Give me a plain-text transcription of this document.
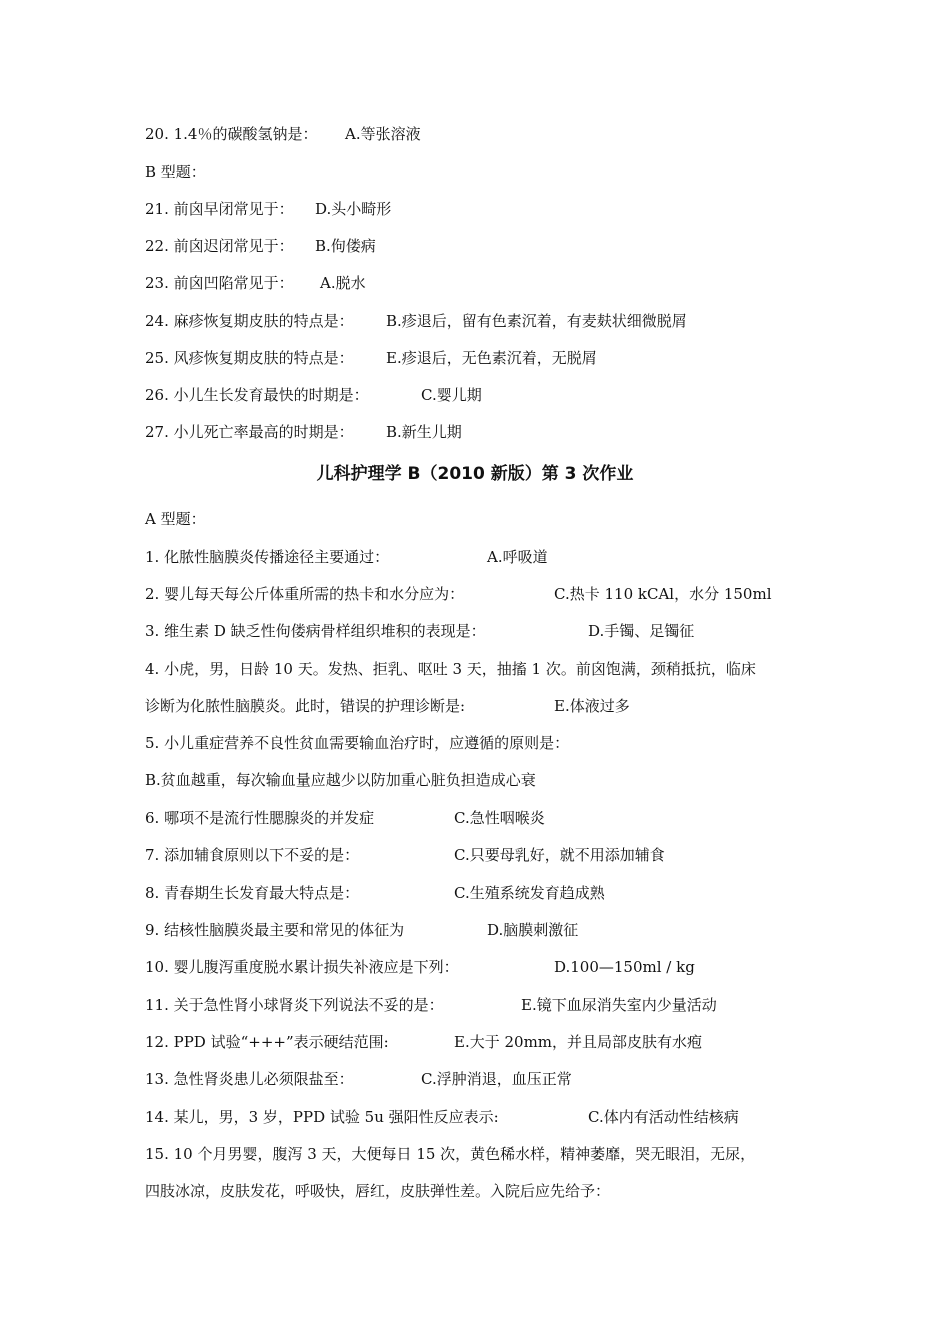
20. 1.4％的碳酸氢钠是： A.等张溶液
B 型题：
21. 前囟早闭常见于： D.头小畸形
22. 前囟迟闭常见于： B.佝偻病
23. 前囟凹陷常见于： A.脱水
24. 麻疹恢复期皮肤的特点是： B.疹退后，留有色素沉着，有麦麸状细微脱屑
25. 风疹恢复期皮肤的特点是： E.疹退后，无色素沉着，无脱屑
26. 小儿生长发育最快的时期是：	C.婴儿期
27. 小儿死亡率最高的时期是： B.新生儿期
儿科护理学 B（2010 新版）第 3 次作业
A 型题：
1. 化脓性脑膜炎传播途径主要通过：	A.呼吸道
2. 婴儿每天每公斤体重所需的热卡和水分应为：	C.热卡 110 kCAl，水分 150ml
3. 维生素 D 缺乏性佝偻病骨样组织堆积的表现是：	D.手镯、足镯征
4. 小虎，男，日龄 10 天。发热、拒乳、呕吐 3 天，抽搐 1 次。前囟饱满，颈稍抵抗，临床
诊断为化脓性脑膜炎。此时，错误的护理诊断是:	E.体液过多
5. 小儿重症营养不良性贫血需要输血治疗时，应遵循的原则是：
B.贫血越重，每次输血量应越少以防加重心脏负担造成心衰
6. 哪项不是流行性腮腺炎的并发症	C.急性咽喉炎
7. 添加辅食原则以下不妥的是：	C.只要母乳好，就不用添加辅食
8. 青春期生长发育最大特点是：	C.生殖系统发育趋成熟
9. 结核性脑膜炎最主要和常见的体征为	D.脑膜刺激征
10. 婴儿腹泻重度脱水累计损失补液应是下列：	D.100—150ml / kg
11. 关于急性肾小球肾炎下列说法不妥的是：	E.镜下血尿消失室内少量活动
12. PPD 试验“+++”表示硬结范围:	E.大于 20mm，并且局部皮肤有水疱
13. 急性肾炎患儿必须限盐至：	C.浮肿消退，血压正常
14. 某儿，男，3 岁，PPD 试验 5u 强阳性反应表示:	C.体内有活动性结核病
15. 10 个月男婴，腹泻 3 天，大便每日 15 次，黄色稀水样，精神萎靡，哭无眼泪，无尿，
四肢冰凉，皮肤发花，呼吸快，唇红，皮肤弹性差。入院后应先给予：
